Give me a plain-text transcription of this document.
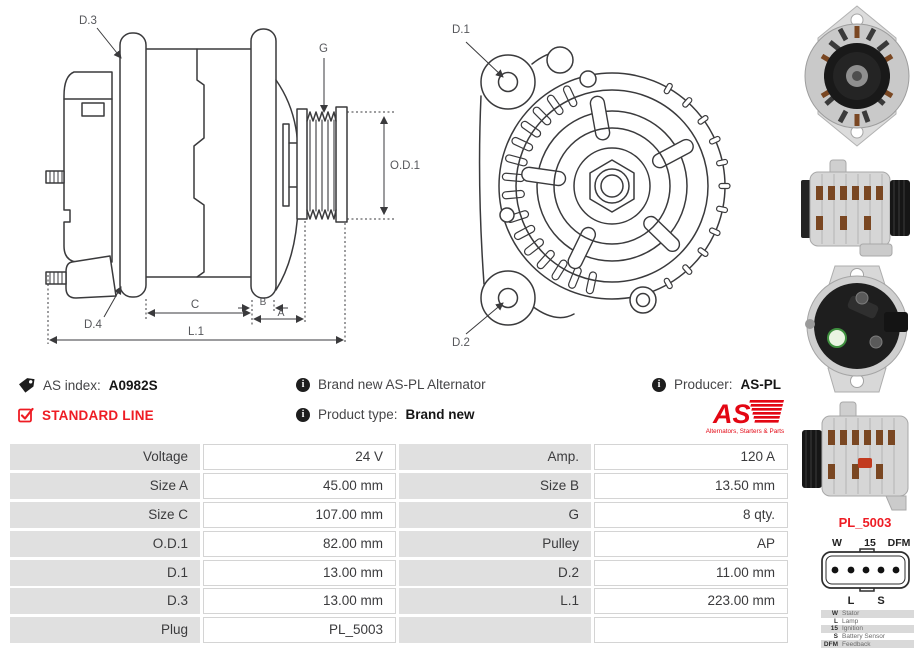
D.3
G
O.D.1
D.4
C	B
A
L.1
D.1
D.2
AS index: A0982S	i	Brand new AS-PL Alternator	i	Producer: AS-PL
STANDARD LINE	i	Product type: Brand new	AS
Alternators, Starters & Parts
Voltage	24 V	Amp.	120 A
Size A	45.00 mm	Size B	13.50 mm
Size C	107.00 mm	G	8 qty.
O.D.1	82.00 mm	Pulley	AP
D.1	13.00 mm	D.2	11.00 mm
D.3	13.00 mm	L.1	223.00 mm
Plug	PL_5003
PL_5003
W 15 DFM
L S
W Stator
L Lamp
15 Ignition
S Battery Sensor
DFM Feedback
